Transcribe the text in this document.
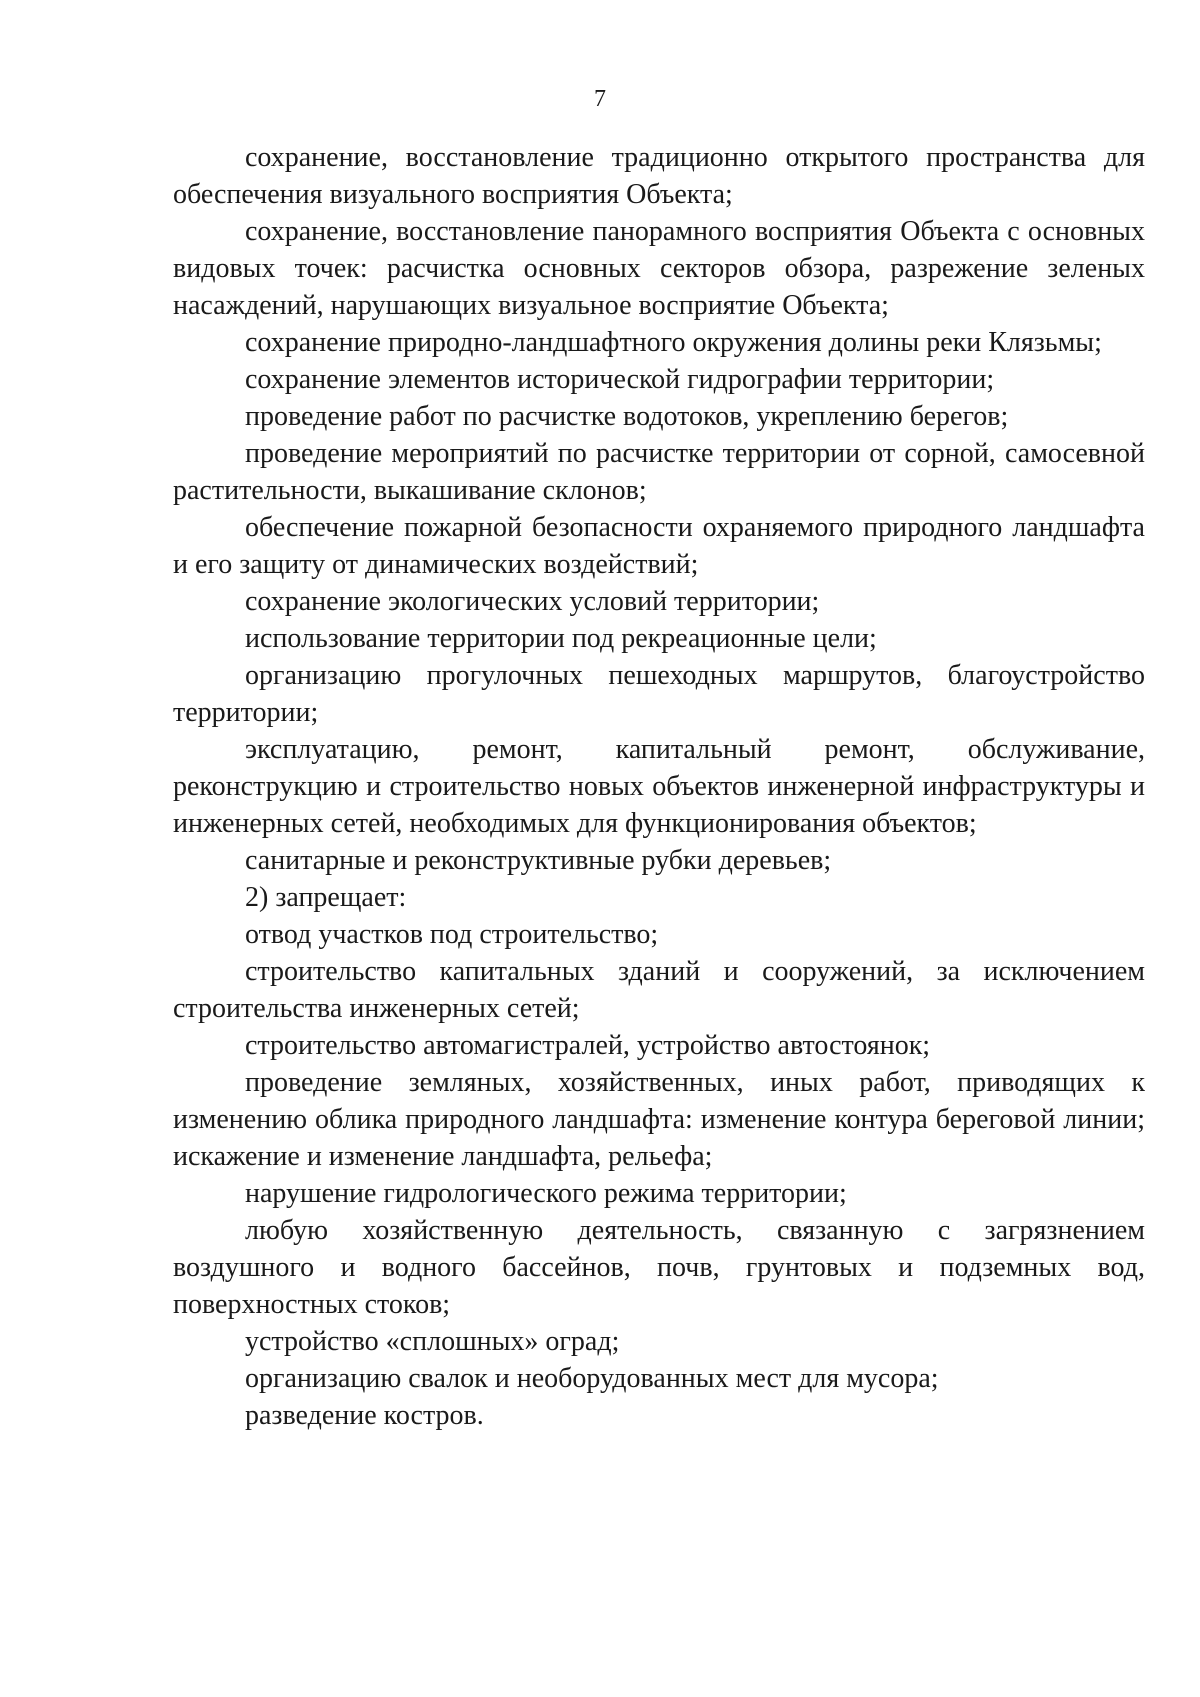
7

сохранение, восстановление традиционно открытого пространства для обеспечения визуального восприятия Объекта;

сохранение, восстановление панорамного восприятия Объекта с основных видовых точек: расчистка основных секторов обзора, разрежение зеленых насаждений, нарушающих визуальное восприятие Объекта;

сохранение природно-ландшафтного окружения долины реки Клязьмы;

сохранение элементов исторической гидрографии территории;

проведение работ по расчистке водотоков, укреплению берегов;

проведение мероприятий по расчистке территории от сорной, самосевной растительности, выкашивание склонов;

обеспечение пожарной безопасности охраняемого природного ландшафта и его защиту от динамических воздействий;

сохранение экологических условий территории;

использование территории под рекреационные цели;

организацию прогулочных пешеходных маршрутов, благоустройство территории;

эксплуатацию, ремонт, капитальный ремонт, обслуживание, реконструкцию и строительство новых объектов инженерной инфраструктуры и инженерных сетей, необходимых для функционирования объектов;

санитарные и реконструктивные рубки деревьев;

2) запрещает:

отвод участков под строительство;

строительство капитальных зданий и сооружений, за исключением строительства инженерных сетей;

строительство автомагистралей, устройство автостоянок;

проведение земляных, хозяйственных, иных работ, приводящих к изменению облика природного ландшафта: изменение контура береговой линии; искажение и изменение ландшафта, рельефа;

нарушение гидрологического режима территории;

любую хозяйственную деятельность, связанную с загрязнением воздушного и водного бассейнов, почв, грунтовых и подземных вод, поверхностных стоков;

устройство «сплошных» оград;

организацию свалок и необорудованных мест для мусора;

разведение костров.
